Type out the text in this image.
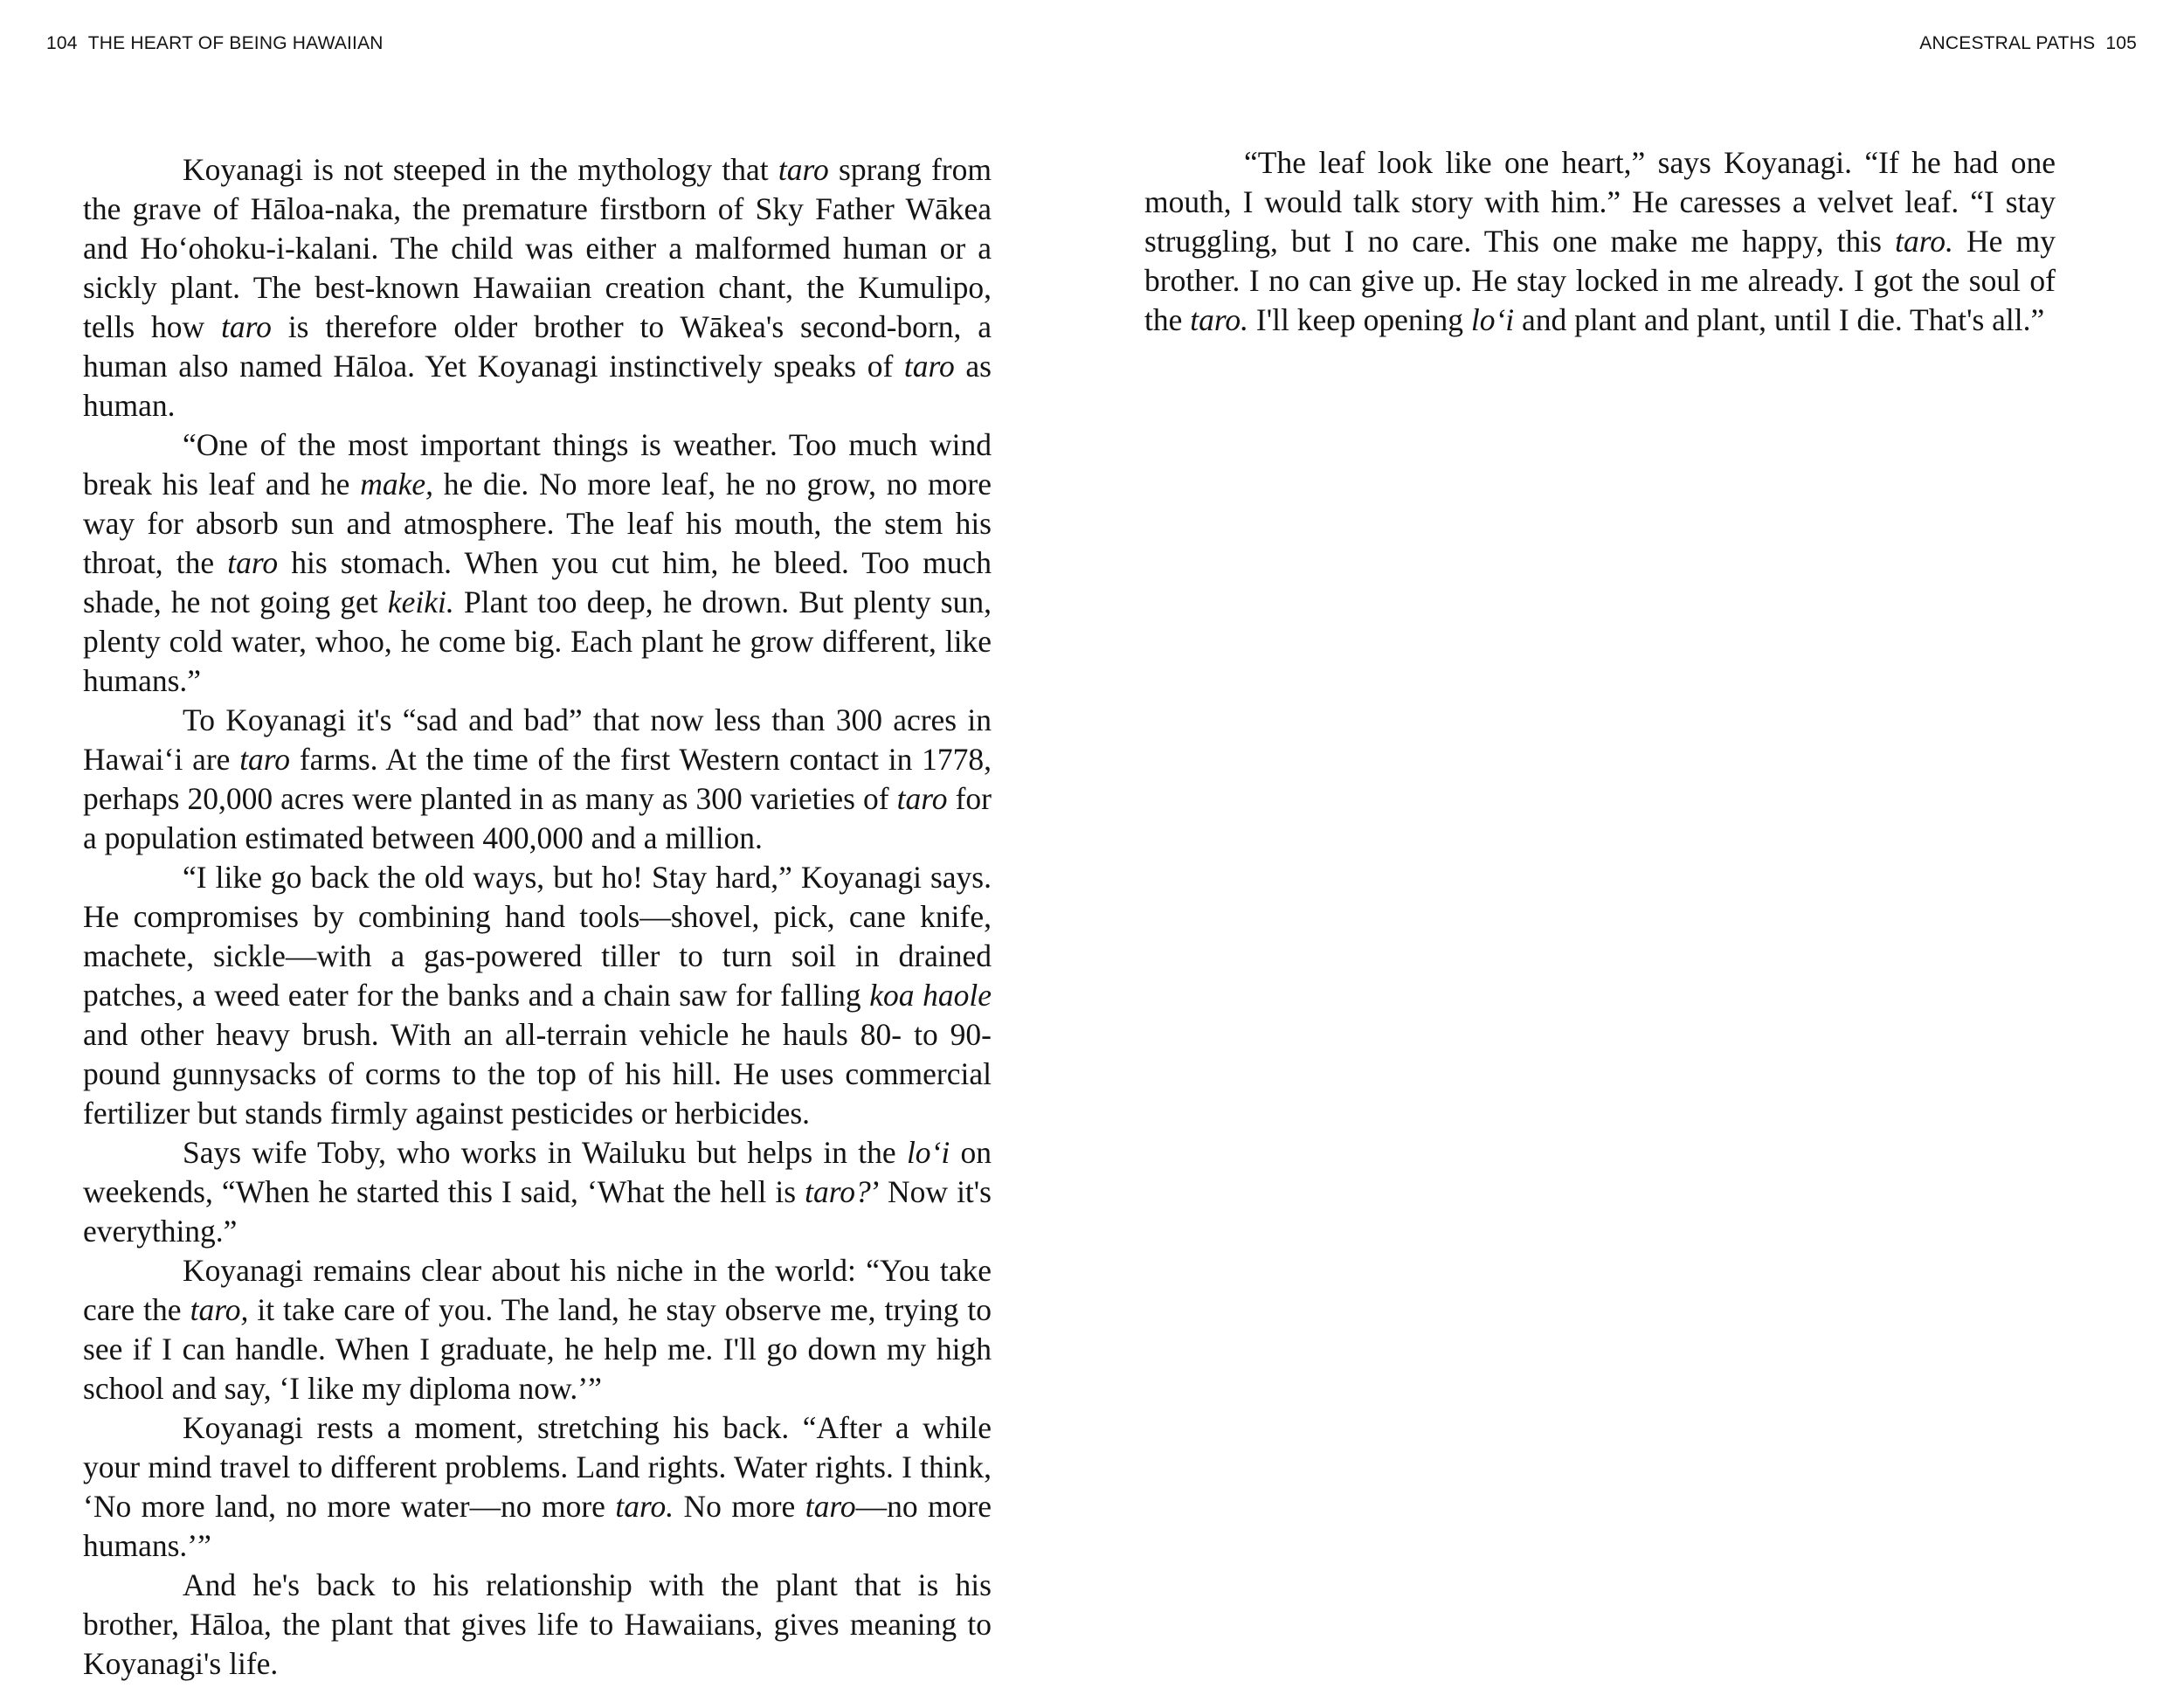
104 THE HEART OF BEING HAWAIIAN

Koyanagi is not steeped in the mythology that taro sprang from the grave of Hāloa-naka, the premature firstborn of Sky Father Wākea and Ho‘ohoku-i-kalani. The child was either a malformed human or a sickly plant. The best-known Hawaiian creation chant, the Kumulipo, tells how taro is therefore older brother to Wākea's second-born, a human also named Hāloa. Yet Koyanagi instinctively speaks of taro as human.

“One of the most important things is weather. Too much wind break his leaf and he make, he die. No more leaf, he no grow, no more way for absorb sun and atmosphere. The leaf his mouth, the stem his throat, the taro his stomach. When you cut him, he bleed. Too much shade, he not going get keiki. Plant too deep, he drown. But plenty sun, plenty cold water, whoo, he come big. Each plant he grow different, like humans.”

To Koyanagi it's “sad and bad” that now less than 300 acres in Hawai‘i are taro farms. At the time of the first Western contact in 1778, perhaps 20,000 acres were planted in as many as 300 varieties of taro for a population estimated between 400,000 and a million.

“I like go back the old ways, but ho! Stay hard,” Koyanagi says. He compromises by combining hand tools—shovel, pick, cane knife, machete, sickle—with a gas-powered tiller to turn soil in drained patches, a weed eater for the banks and a chain saw for falling koa haole and other heavy brush. With an all-terrain vehicle he hauls 80- to 90-pound gunnysacks of corms to the top of his hill. He uses commercial fertilizer but stands firmly against pesticides or herbicides.

Says wife Toby, who works in Wailuku but helps in the lo‘i on weekends, “When he started this I said, ‘What the hell is taro?’ Now it's everything.”

Koyanagi remains clear about his niche in the world: “You take care the taro, it take care of you. The land, he stay observe me, trying to see if I can handle. When I graduate, he help me. I'll go down my high school and say, ‘I like my diploma now.’”

Koyanagi rests a moment, stretching his back. “After a while your mind travel to different problems. Land rights. Water rights. I think, ‘No more land, no more water—no more taro. No more taro—no more humans.’”

And he's back to his relationship with the plant that is his brother, Hāloa, the plant that gives life to Hawaiians, gives meaning to Koyanagi's life.

ANCESTRAL PATHS 105

“The leaf look like one heart,” says Koyanagi. “If he had one mouth, I would talk story with him.” He caresses a velvet leaf. “I stay struggling, but I no care. This one make me happy, this taro. He my brother. I no can give up. He stay locked in me already. I got the soul of the taro. I'll keep opening lo‘i and plant and plant, until I die. That's all.”
